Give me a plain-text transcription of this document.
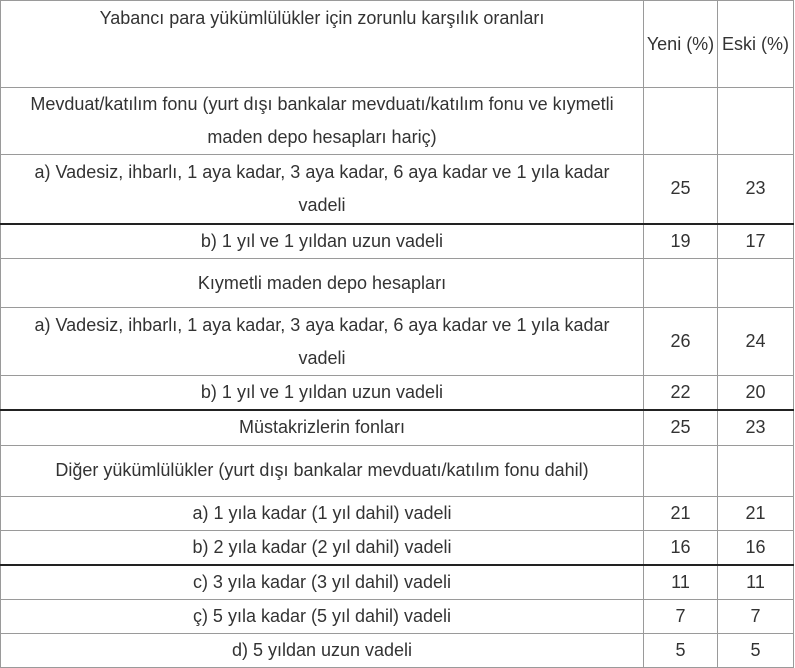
Yabancı para yükümlülükler için zorunlu karşılık oranları	Yeni (%)	Eski (%)
Mevduat/katılım fonu (yurt dışı bankalar mevduatı/katılım fonu ve kıymetli maden depo hesapları hariç)		
a) Vadesiz, ihbarlı, 1 aya kadar, 3 aya kadar, 6 aya kadar ve 1 yıla kadar vadeli	25	23
b) 1 yıl ve 1 yıldan uzun vadeli	19	17
Kıymetli maden depo hesapları		
a) Vadesiz, ihbarlı, 1 aya kadar, 3 aya kadar, 6 aya kadar ve 1 yıla kadar vadeli	26	24
b) 1 yıl ve 1 yıldan uzun vadeli	22	20
Müstakrizlerin fonları	25	23
Diğer yükümlülükler (yurt dışı bankalar mevduatı/katılım fonu dahil)		
a) 1 yıla kadar (1 yıl dahil) vadeli	21	21
b) 2 yıla kadar (2 yıl dahil) vadeli	16	16
c) 3 yıla kadar (3 yıl dahil) vadeli	11	11
ç) 5 yıla kadar (5 yıl dahil) vadeli	7	7
d) 5 yıldan uzun vadeli	5	5
